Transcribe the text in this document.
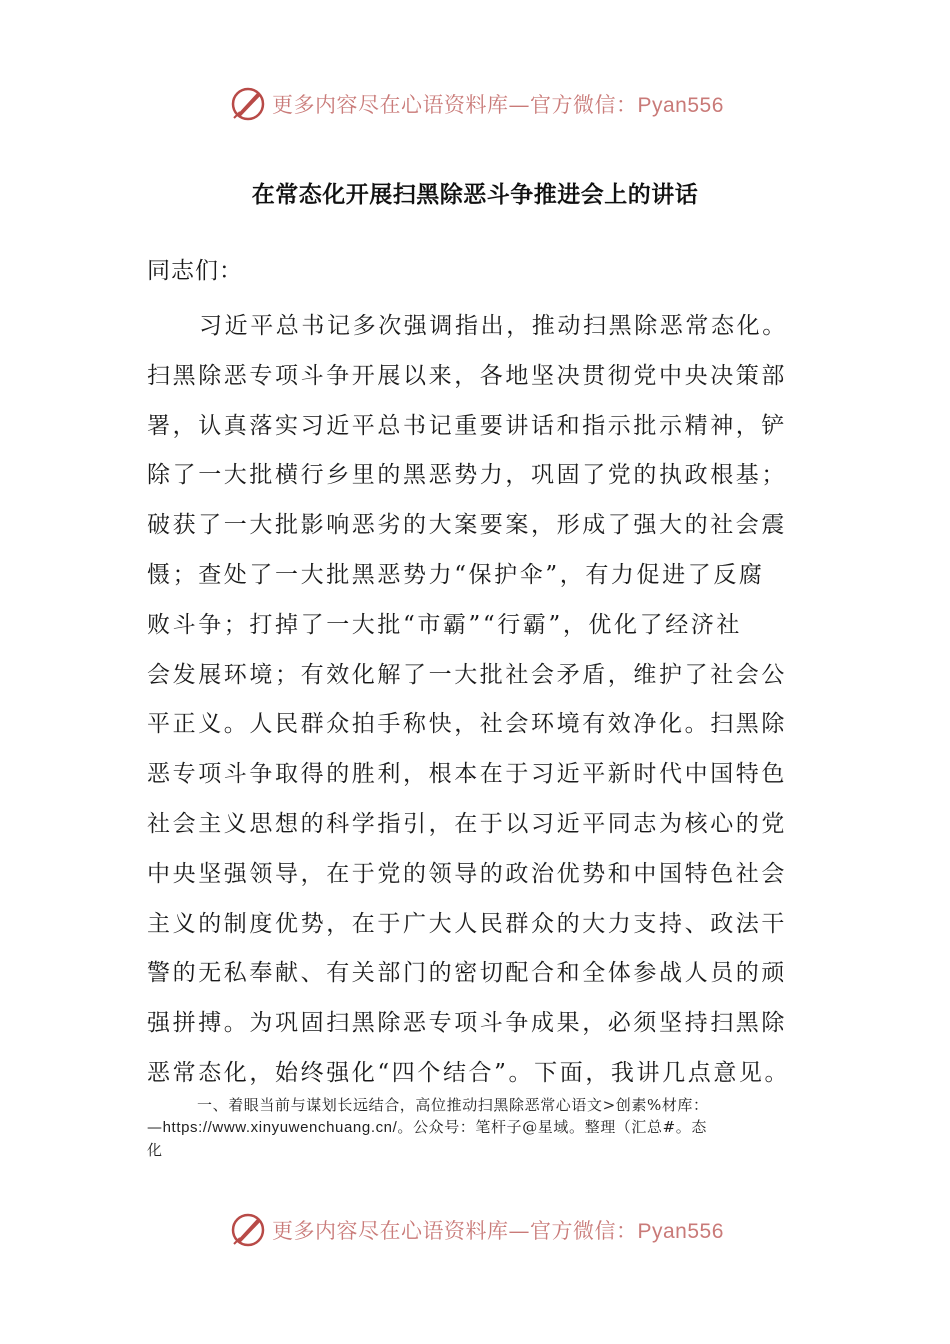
更多内容尽在心语资料库—官方微信：Pyan556
在常态化开展扫黑除恶斗争推进会上的讲话
同志们：
习近平总书记多次强调指出，推动扫黑除恶常态化。
扫黑除恶专项斗争开展以来，各地坚决贯彻党中央决策部
署，认真落实习近平总书记重要讲话和指示批示精神，铲
除了一大批横行乡里的黑恶势力，巩固了党的执政根基；
破获了一大批影响恶劣的大案要案，形成了强大的社会震
慑；查处了一大批黑恶势力“保护伞”，有力促进了反腐
败斗争；打掉了一大批“市霸”“行霸”，优化了经济社
会发展环境；有效化解了一大批社会矛盾，维护了社会公
平正义。人民群众拍手称快，社会环境有效净化。扫黑除
恶专项斗争取得的胜利，根本在于习近平新时代中国特色
社会主义思想的科学指引，在于以习近平同志为核心的党
中央坚强领导，在于党的领导的政治优势和中国特色社会
主义的制度优势，在于广大人民群众的大力支持、政法干
警的无私奉献、有关部门的密切配合和全体参战人员的顽
强拼搏。为巩固扫黑除恶专项斗争成果，必须坚持扫黑除
恶常态化，始终强化“四个结合”。下面，我讲几点意见。
一、着眼当前与谋划长远结合，高位推动扫黑除恶常心语文>创素%材库：
—https://www.xinyuwenchuang.cn/。公众号：笔杆子@星域。整理（汇总#。态
化
更多内容尽在心语资料库—官方微信：Pyan556
